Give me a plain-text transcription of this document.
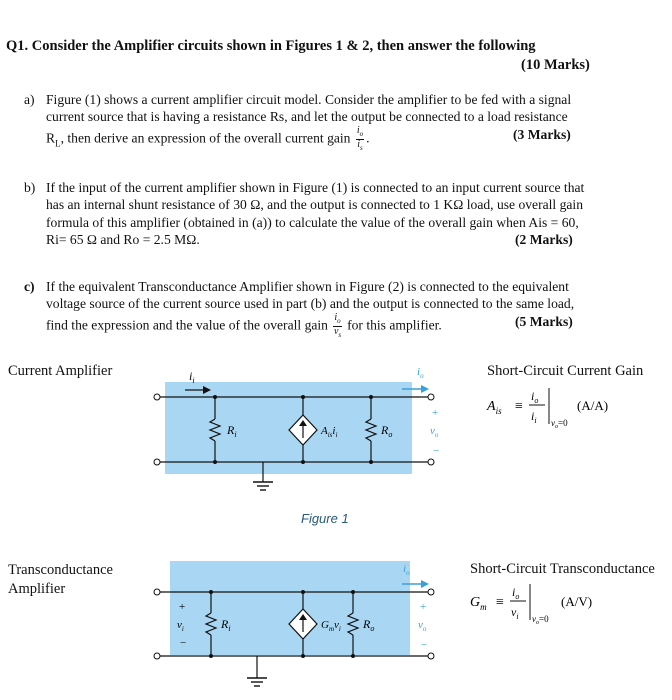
Q1. Consider the Amplifier circuits shown in Figures 1 & 2, then answer the following
(10 Marks)
a) Figure (1) shows a current amplifier circuit model. Consider the amplifier to be fed with a signal
current source that is having a resistance Rs, and let the output be connected to a load resistance
$R_L$, then derive an expression of the overall current gain $\frac{i_o}{i_s}$ .	(3 Marks)
b) If the input of the current amplifier shown in Figure (1) is connected to an input current source that
has an internal shunt resistance of 30 Ω, and the output is connected to 1 KΩ load, use overall gain
formula of this amplifier (obtained in (a)) to calculate the value of the overall gain when Ais = 60,
Ri= 65 Ω and Ro = 2.5 MΩ.	(2 Marks)
c) If the equivalent Transconductance Amplifier shown in Figure (2) is connected to the equivalent
voltage source of the current source used in part (b) and the output is connected to the same load,
find the expression and the value of the overall gain $\frac{i_o}{v_s}$ for this amplifier.	(5 Marks)
Current Amplifier	Short-Circuit Current Gain
$i_i$
$R_i$	$A_{is}i_i$	$R_o$
$i_o$
+
$v_o$
−
$A_{is}$ ≡
$i_o$
$i_i$ $v_o=0$
(A/A)
Figure 1
Transconductance
Amplifier
Short-Circuit Transconductance
+
$v_i$
−
$R_i$	$G_mv_i$ $R_o$
$i_o$
+
$v_o$
−
$G_m$ ≡
$i_o$
$v_i$ $v_o=0$
(A/V)
